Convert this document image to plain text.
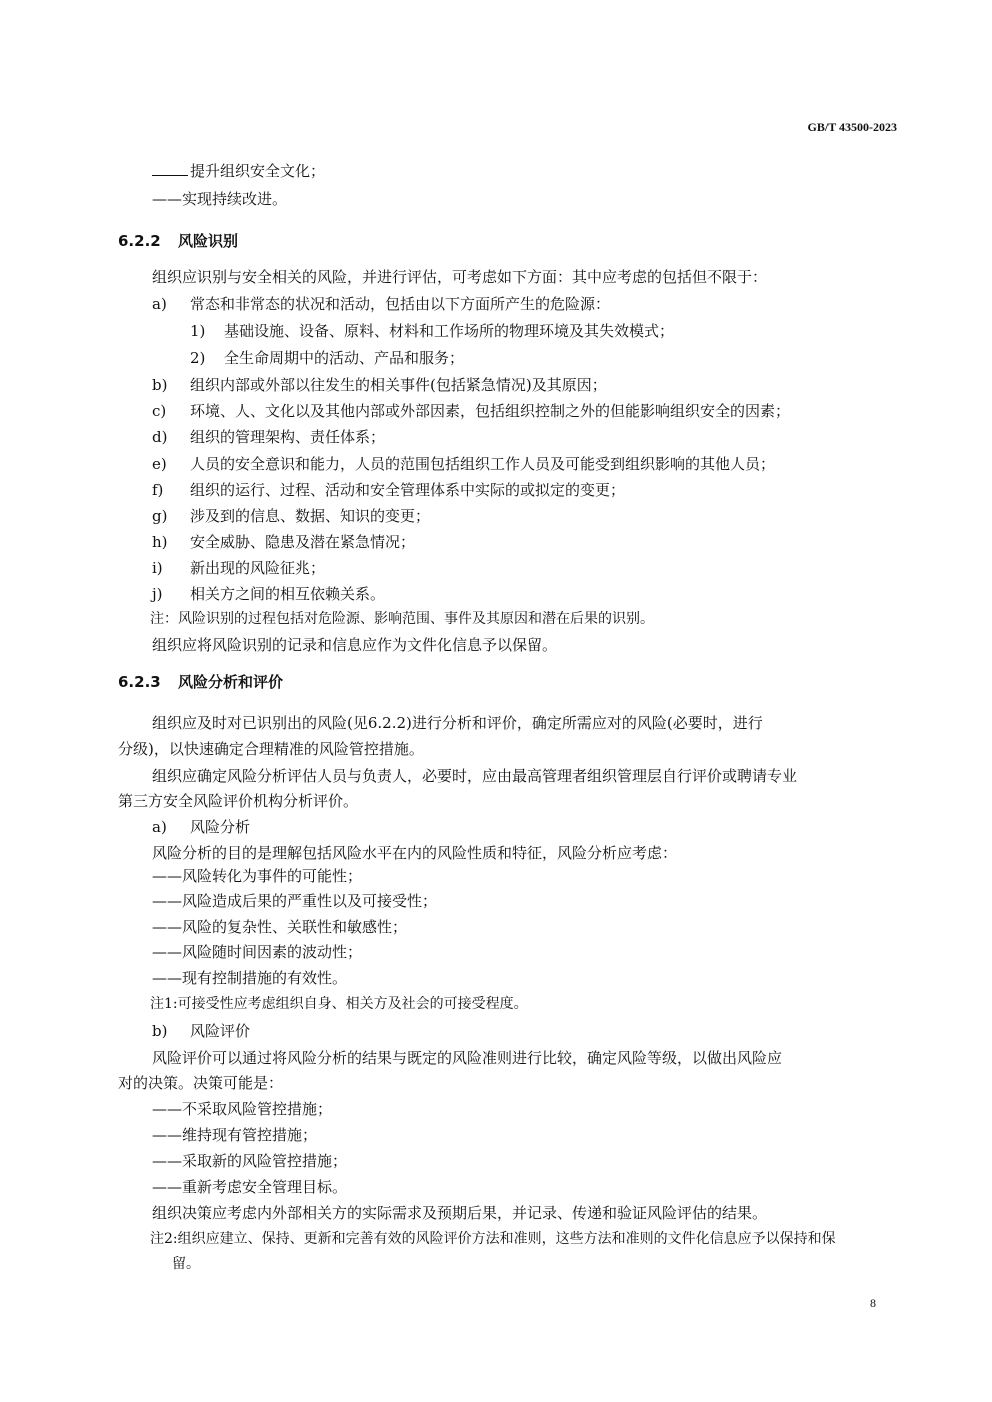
GB/T 43500-2023
提升组织安全文化；
——实现持续改进。
6.2.2 风险识别
组织应识别与安全相关的风险，并进行评估，可考虑如下方面：其中应考虑的包括但不限于：
a) 常态和非常态的状况和活动，包括由以下方面所产生的危险源：
1) 基础设施、设备、原料、材料和工作场所的物理环境及其失效模式；
2) 全生命周期中的活动、产品和服务；
b) 组织内部或外部以往发生的相关事件(包括紧急情况)及其原因；
c) 环境、人、文化以及其他内部或外部因素，包括组织控制之外的但能影响组织安全的因素；
d) 组织的管理架构、责任体系；
e) 人员的安全意识和能力，人员的范围包括组织工作人员及可能受到组织影响的其他人员；
f) 组织的运行、过程、活动和安全管理体系中实际的或拟定的变更；
g) 涉及到的信息、数据、知识的变更；
h) 安全威胁、隐患及潜在紧急情况；
i) 新出现的风险征兆；
j) 相关方之间的相互依赖关系。
注：风险识别的过程包括对危险源、影响范围、事件及其原因和潜在后果的识别。
组织应将风险识别的记录和信息应作为文件化信息予以保留。
6.2.3 风险分析和评价
组织应及时对已识别出的风险(见6.2.2)进行分析和评价，确定所需应对的风险(必要时，进行
分级)，以快速确定合理精准的风险管控措施。
组织应确定风险分析评估人员与负责人，必要时，应由最高管理者组织管理层自行评价或聘请专业
第三方安全风险评价机构分析评价。
a) 风险分析
风险分析的目的是理解包括风险水平在内的风险性质和特征，风险分析应考虑：
——风险转化为事件的可能性；
——风险造成后果的严重性以及可接受性；
——风险的复杂性、关联性和敏感性；
——风险随时间因素的波动性；
——现有控制措施的有效性。
注1:可接受性应考虑组织自身、相关方及社会的可接受程度。
b) 风险评价
风险评价可以通过将风险分析的结果与既定的风险准则进行比较，确定风险等级，以做出风险应
对的决策。决策可能是：
——不采取风险管控措施；
——维持现有管控措施；
——采取新的风险管控措施；
——重新考虑安全管理目标。
组织决策应考虑内外部相关方的实际需求及预期后果，并记录、传递和验证风险评估的结果。
注2:组织应建立、保持、更新和完善有效的风险评价方法和准则，这些方法和准则的文件化信息应予以保持和保
留。
8
